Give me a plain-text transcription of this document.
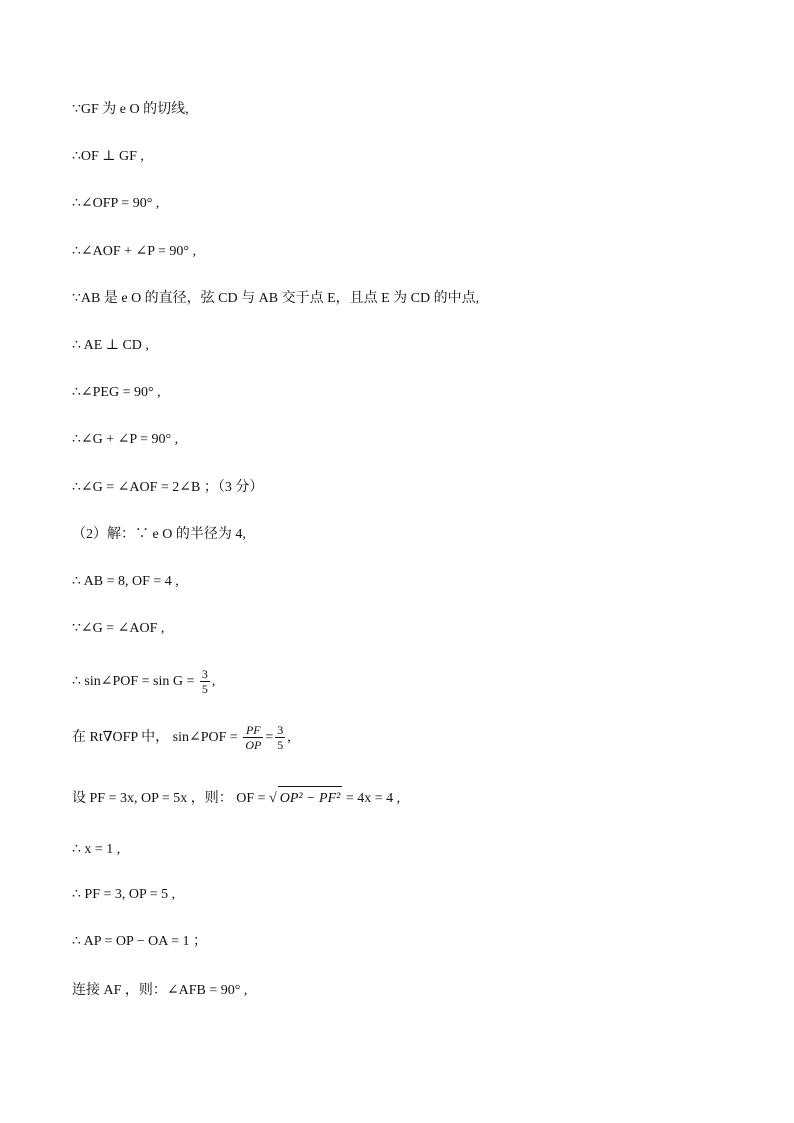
∵GF 为 e O 的切线,
∴OF ⊥ GF ,
∴∠OFP = 90° ,
∴∠AOF + ∠P = 90° ,
∵AB 是 e O 的直径，弦 CD 与 AB 交于点 E，且点 E 为 CD 的中点,
∴ AE ⊥ CD ,
∴∠PEG = 90° ,
∴∠G + ∠P = 90° ,
∴∠G = ∠AOF = 2∠B ；（3 分）
（2）解：∵ e O 的半径为 4,
∴ AB = 8, OF = 4 ,
∵∠G = ∠AOF ,
∴ sin∠POF = $\sin G = \frac{3}{5}$ ,
在 Rt∇OFP 中， sin∠POF = $\frac{PF}{OP} = \frac{3}{5}$ ,
设 PF = 3x, OP = 5x ，则： OF = √ OP² − PF² = 4x = 4 ,
∴ x = 1 ,
∴ PF = 3, OP = 5 ,
∴ AP = OP − OA = 1 ；
连接 AF ，则：∠AFB = 90° ,
